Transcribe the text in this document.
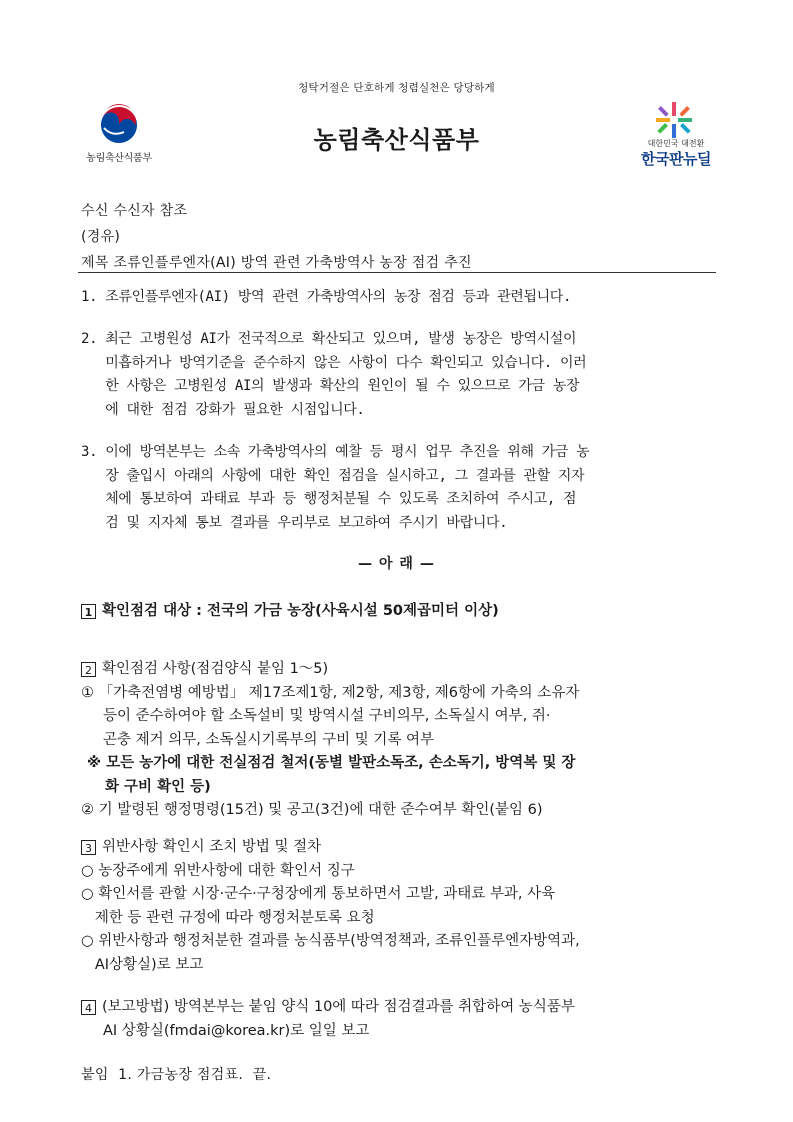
청탁거절은 단호하게 청렴실천은 당당하게
농림축산식품부
농림축산식품부	대한민국 대전환
한국판뉴딜
수신 수신자 참조
(경유)
제목 조류인플루엔자(AI) 방역 관련 가축방역사 농장 점검 추진
1. 조류인플루엔자(AI) 방역 관련 가축방역사의 농장 점검 등과 관련됩니다.
2. 최근 고병원성 AI가 전국적으로 확산되고 있으며, 발생 농장은 방역시설이
미흡하거나 방역기준을 준수하지 않은 사항이 다수 확인되고 있습니다. 이러
한 사항은 고병원성 AI의 발생과 확산의 원인이 될 수 있으므로 가금 농장
에 대한 점검 강화가 필요한 시점입니다.
3. 이에 방역본부는 소속 가축방역사의 예찰 등 평시 업무 추진을 위해 가금 농
장 출입시 아래의 사항에 대한 확인 점검을 실시하고, 그 결과를 관할 지자
체에 통보하여 과태료 부과 등 행정처분될 수 있도록 조치하여 주시고, 점
검 및 지자체 통보 결과를 우리부로 보고하여 주시기 바랍니다.
— 아 래 —
1 확인점검 대상 : 전국의 가금 농장(사육시설 50제곱미터 이상)
2 확인점검 사항(점검양식 붙임 1～5)
① 「가축전염병 예방법」 제17조제1항, 제2항, 제3항, 제6항에 가축의 소유자
등이 준수하여야 할 소독설비 및 방역시설 구비의무, 소독실시 여부, 쥐·
곤충 제거 의무, 소독실시기록부의 구비 및 기록 여부
※ 모든 농가에 대한 전실점검 철저(동별 발판소독조, 손소독기, 방역복 및 장
화 구비 확인 등)
② 기 발령된 행정명령(15건) 및 공고(3건)에 대한 준수여부 확인(붙임 6)
3 위반사항 확인시 조치 방법 및 절차
○ 농장주에게 위반사항에 대한 확인서 징구
○ 확인서를 관할 시장·군수·구청장에게 통보하면서 고발, 과태료 부과, 사육
제한 등 관련 규정에 따라 행정처분토록 요청
○ 위반사항과 행정처분한 결과를 농식품부(방역정책과, 조류인플루엔자방역과,
AI상황실)로 보고
4 (보고방법) 방역본부는 붙임 양식 10에 따라 점검결과를 취합하여 농식품부
AI 상황실(fmdai@korea.kr)로 일일 보고
붙임  1. 가금농장 점검표.  끝.
